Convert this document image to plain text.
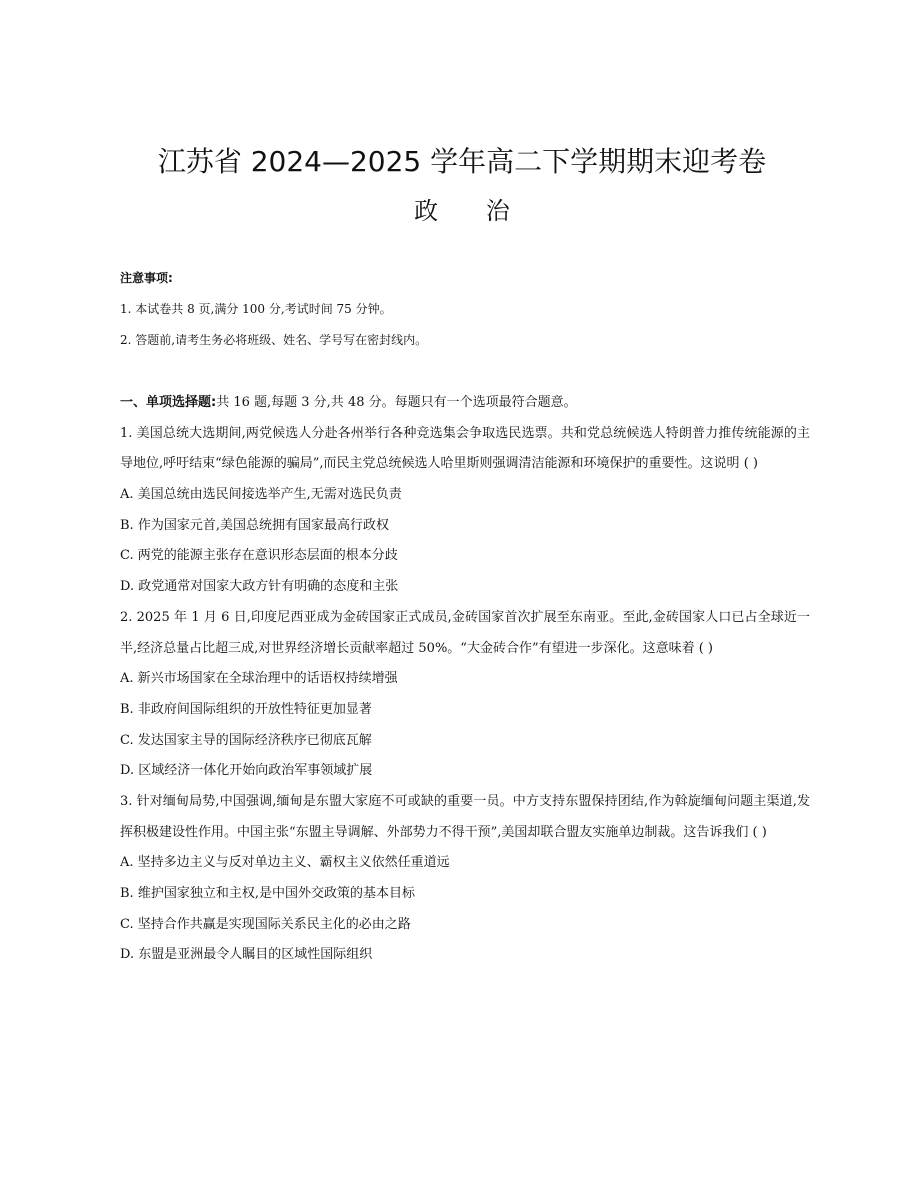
江苏省 2024—2025 学年高二下学期期末迎考卷
政 治
注意事项:
1. 本试卷共 8 页,满分 100 分,考试时间 75 分钟。
2. 答题前,请考生务必将班级、姓名、学号写在密封线内。
一、单项选择题:共 16 题,每题 3 分,共 48 分。每题只有一个选项最符合题意。
1. 美国总统大选期间,两党候选人分赴各州举行各种竞选集会争取选民选票。共和党总统候选人特朗普力推传统能源的主导地位,呼吁结束“绿色能源的骗局”,而民主党总统候选人哈里斯则强调清洁能源和环境保护的重要性。这说明 ( )
A. 美国总统由选民间接选举产生,无需对选民负责
B. 作为国家元首,美国总统拥有国家最高行政权
C. 两党的能源主张存在意识形态层面的根本分歧
D. 政党通常对国家大政方针有明确的态度和主张
2. 2025 年 1 月 6 日,印度尼西亚成为金砖国家正式成员,金砖国家首次扩展至东南亚。至此,金砖国家人口已占全球近一半,经济总量占比超三成,对世界经济增长贡献率超过 50%。“大金砖合作”有望进一步深化。这意味着 ( )
A. 新兴市场国家在全球治理中的话语权持续增强
B. 非政府间国际组织的开放性特征更加显著
C. 发达国家主导的国际经济秩序已彻底瓦解
D. 区域经济一体化开始向政治军事领域扩展
3. 针对缅甸局势,中国强调,缅甸是东盟大家庭不可或缺的重要一员。中方支持东盟保持团结,作为斡旋缅甸问题主渠道,发挥积极建设性作用。中国主张“东盟主导调解、外部势力不得干预”,美国却联合盟友实施单边制裁。这告诉我们 ( )
A. 坚持多边主义与反对单边主义、霸权主义依然任重道远
B. 维护国家独立和主权,是中国外交政策的基本目标
C. 坚持合作共赢是实现国际关系民主化的必由之路
D. 东盟是亚洲最令人瞩目的区域性国际组织
